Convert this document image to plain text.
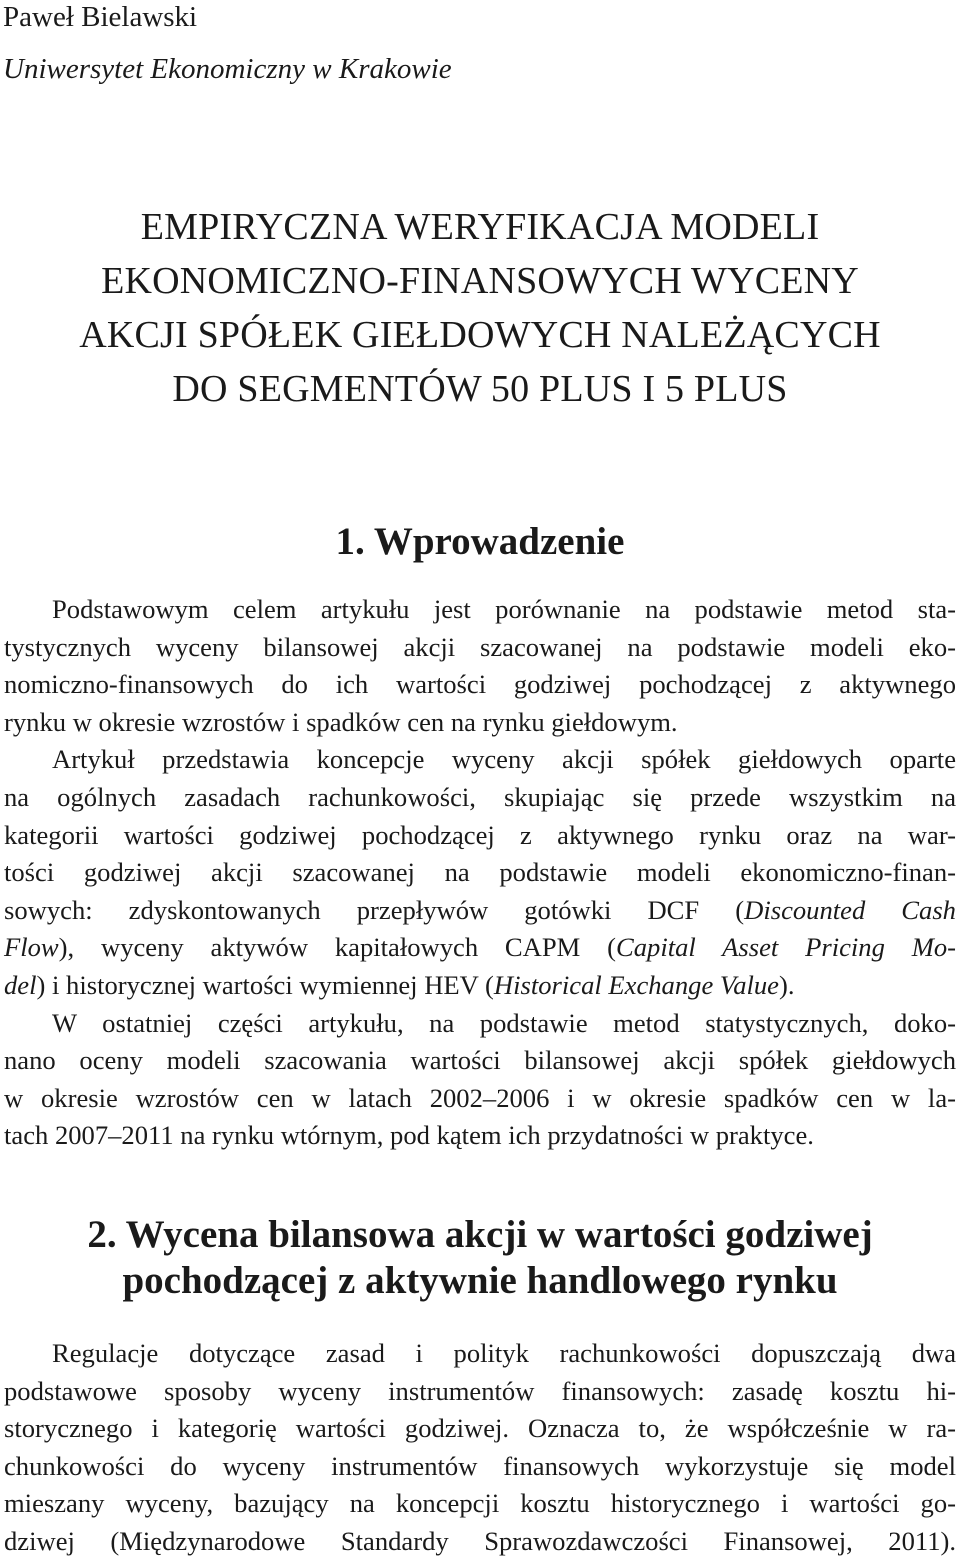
Paweł Bielawski

Uniwersytet Ekonomiczny w Krakowie

EMPIRYCZNA WERYFIKACJA MODELI
EKONOMICZNO-FINANSOWYCH WYCENY
AKCJI SPÓŁEK GIEŁDOWYCH NALEŻĄCYCH
DO SEGMENTÓW 50 PLUS I 5 PLUS
1. Wprowadzenie
Podstawowym celem artykułu jest porównanie na podstawie metod sta-
tystycznych wyceny bilansowej akcji szacowanej na podstawie modeli eko-
nomiczno-finansowych do ich wartości godziwej pochodzącej z aktywnego
rynku w okresie wzrostów i spadków cen na rynku giełdowym.
Artykuł przedstawia koncepcje wyceny akcji spółek giełdowych oparte
na ogólnych zasadach rachunkowości, skupiając się przede wszystkim na
kategorii wartości godziwej pochodzącej z aktywnego rynku oraz na war-
tości godziwej akcji szacowanej na podstawie modeli ekonomiczno-finan-
sowych: zdyskontowanych przepływów gotówki DCF (Discounted Cash
Flow), wyceny aktywów kapitałowych CAPM (Capital Asset Pricing Mo-
del) i historycznej wartości wymiennej HEV (Historical Exchange Value).
W ostatniej części artykułu, na podstawie metod statystycznych, doko-
nano oceny modeli szacowania wartości bilansowej akcji spółek giełdowych
w okresie wzrostów cen w latach 2002–2006 i w okresie spadków cen w la-
tach 2007–2011 na rynku wtórnym, pod kątem ich przydatności w praktyce.
2. Wycena bilansowa akcji w wartości godziwej
pochodzącej z aktywnie handlowego rynku
Regulacje dotyczące zasad i polityk rachunkowości dopuszczają dwa
podstawowe sposoby wyceny instrumentów finansowych: zasadę kosztu hi-
storycznego i kategorię wartości godziwej. Oznacza to, że współcześnie w ra-
chunkowości do wyceny instrumentów finansowych wykorzystuje się model
mieszany wyceny, bazujący na koncepcji kosztu historycznego i wartości go-
dziwej (Międzynarodowe Standardy Sprawozdawczości Finansowej, 2011).
